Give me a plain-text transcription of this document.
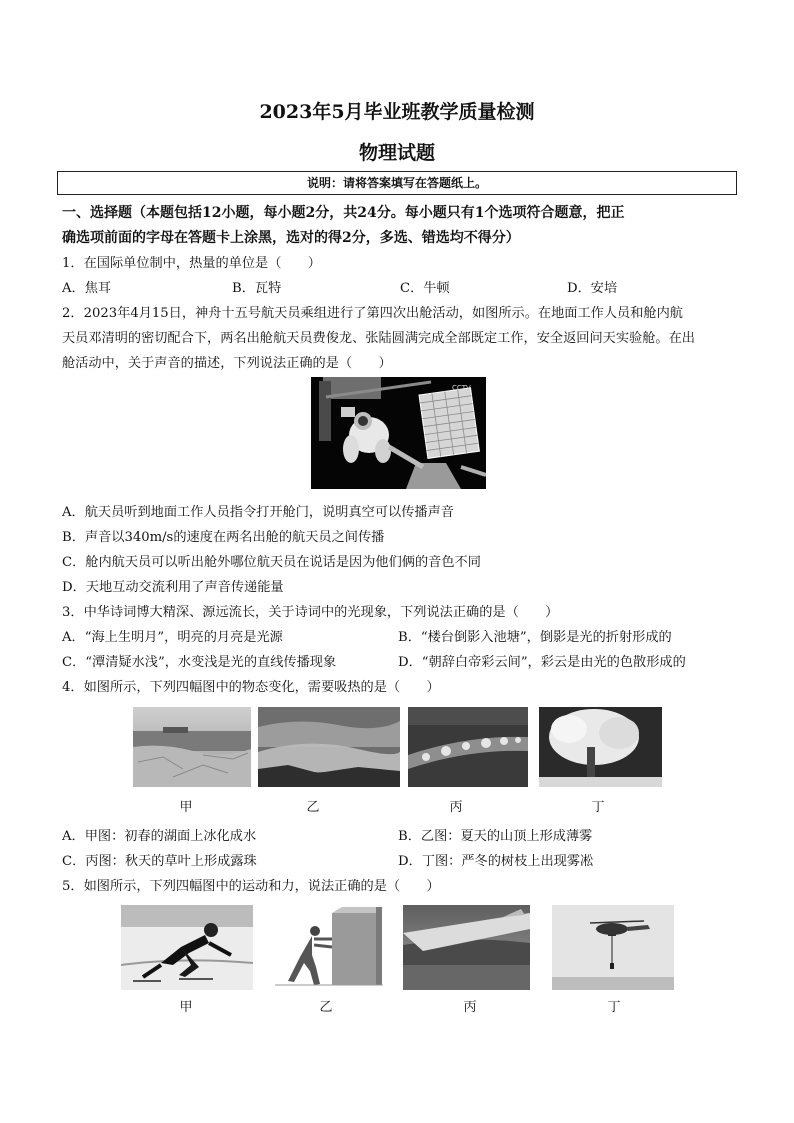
2023年5月毕业班教学质量检测
物理试题
说明：请将答案填写在答题纸上。
一、选择题（本题包括12小题，每小题2分，共24分。每小题只有1个选项符合题意，把正
确选项前面的字母在答题卡上涂黑，选对的得2分，多选、错选均不得分）
1．在国际单位制中，热量的单位是（　　）
A．焦耳	B．瓦特	C．牛顿	D．安培
2．2023年4月15日，神舟十五号航天员乘组进行了第四次出舱活动，如图所示。在地面工作人员和舱内航
天员邓清明的密切配合下，两名出舱航天员费俊龙、张陆圆满完成全部既定工作，安全返回问天实验舱。在出
舱活动中，关于声音的描述，下列说法正确的是（　　）
CCTV
A．航天员听到地面工作人员指令打开舱门，说明真空可以传播声音
B．声音以340m/s的速度在两名出舱的航天员之间传播
C．舱内航天员可以听出舱外哪位航天员在说话是因为他们俩的音色不同
D．天地互动交流利用了声音传递能量
3．中华诗词博大精深、源远流长，关于诗词中的光现象，下列说法正确的是（　　）
A．“海上生明月”，明亮的月亮是光源	B．“楼台倒影入池塘”，倒影是光的折射形成的
C．“潭清疑水浅”，水变浅是光的直线传播现象	D．“朝辞白帝彩云间”，彩云是由光的色散形成的
4．如图所示，下列四幅图中的物态变化，需要吸热的是（　　）
甲	乙	丙	丁
A．甲图：初春的湖面上冰化成水	B．乙图：夏天的山顶上形成薄雾
C．丙图：秋天的草叶上形成露珠	D．丁图：严冬的树枝上出现雾凇
5．如图所示，下列四幅图中的运动和力，说法正确的是（　　）
甲	乙	丙	丁
